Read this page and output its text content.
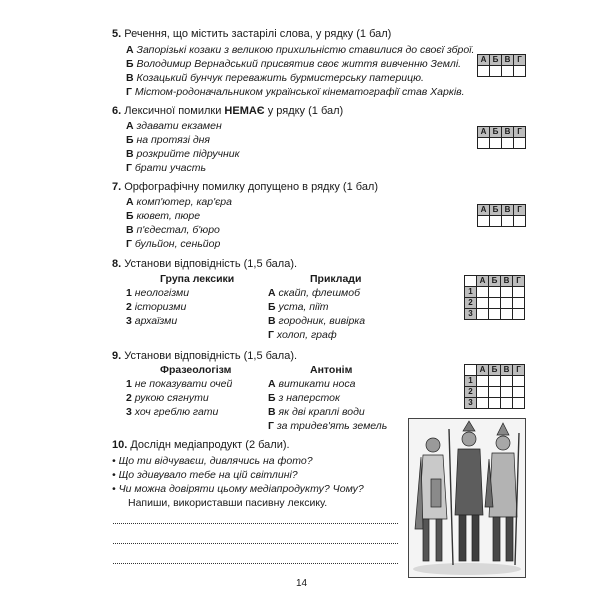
5. Речення, що містить застарілі слова, у рядку (1 бал)
А Запорізькі козаки з великою прихильністю ставилися до своєї зброї.
Б Володимир Вернадський присвятив своє життя вивченню Землі.
В Козацький бунчук переважить бурмистерську патерицю.
Г Містом-родоначальником української кінематографії став Харків.
А	Б	В	Г

6. Лексичної помилки НЕМАЄ у рядку (1 бал)
А здавати екзамен
Б на протязі дня
В розкрийте підручник
Г брати участь
А	Б	В	Г

7. Орфографічну помилку допущено в рядку (1 бал)
А комп'ютер, кар'єра
Б кювет, пюре
В п'єдестал, б'юро
Г бульйон, сеньйор
А	Б	В	Г

8. Установи відповідність (1,5 бала).
Група лексики	Приклади
1 неологізми
2 історизми
3 архаїзми
А скайп, флешмоб
Б уста, піїт
В городник, вивірка
Г холоп, граф
	А	Б	В	Г
1				
2				
3				
9. Установи відповідність (1,5 бала).
Фразеологізм	Антонім
1 не показувати очей
2 рукою сягнути
3 хоч греблю гати
А витикати носа
Б з наперсток
В як дві краплі води
Г за тридев'ять земель
	А	Б	В	Г
1				
2				
3				
10. Дослідн медіапродукт (2 бали).
• Що ти відчуваєш, дивлячись на фото?
• Що здивувало тебе на цій світлині?
• Чи можна довіряти цьому медіапродукту? Чому?
Напиши, використавши пасивну лексику.
14
